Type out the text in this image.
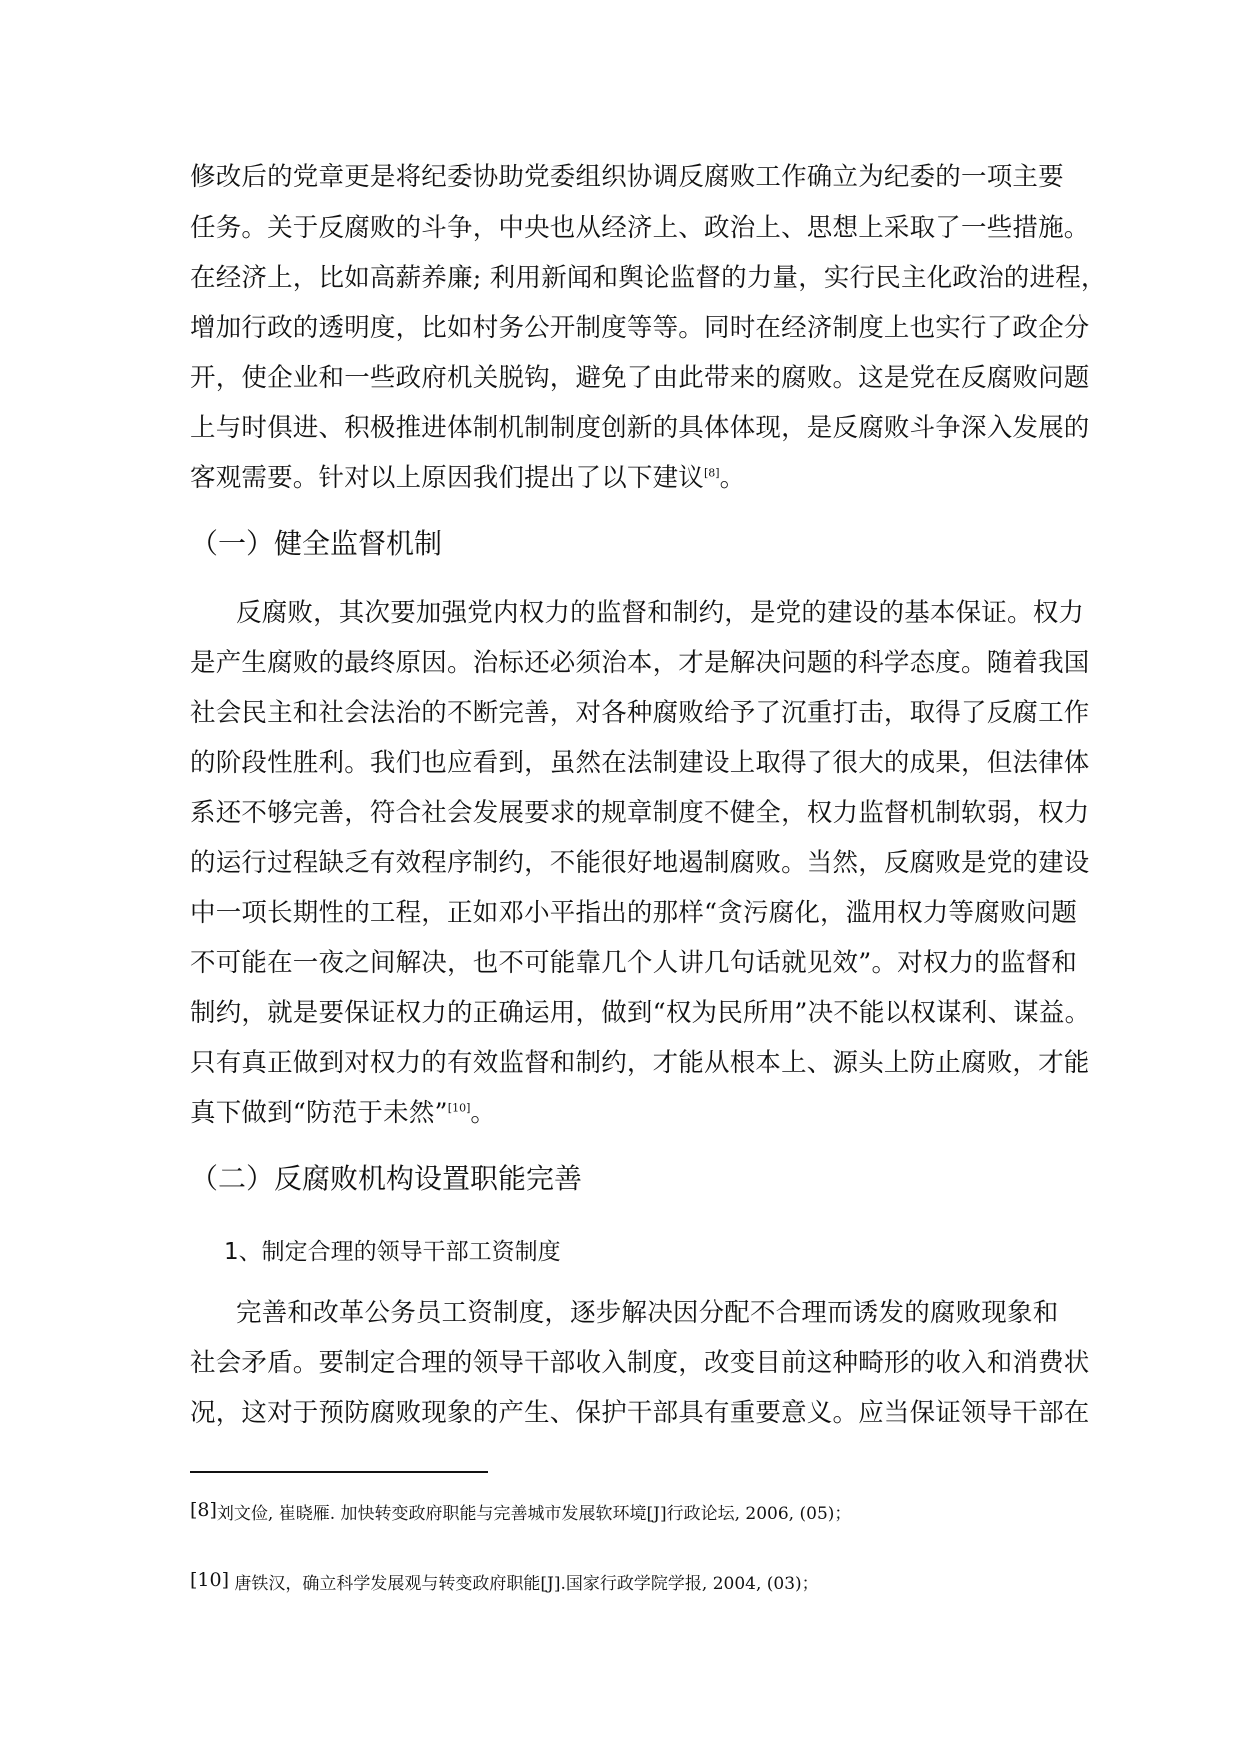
修改后的党章更是将纪委协助党委组织协调反腐败工作确立为纪委的一项主要
任务。关于反腐败的斗争，中央也从经济上、政治上、思想上采取了一些措施。
在经济上，比如高薪养廉; 利用新闻和舆论监督的力量，实行民主化政治的进程，
增加行政的透明度，比如村务公开制度等等。同时在经济制度上也实行了政企分
开，使企业和一些政府机关脱钩，避免了由此带来的腐败。这是党在反腐败问题
上与时俱进、积极推进体制机制制度创新的具体体现，是反腐败斗争深入发展的
客观需要。针对以上原因我们提出了以下建议[8]。
（一）健全监督机制
反腐败，其次要加强党内权力的监督和制约，是党的建设的基本保证。权力
是产生腐败的最终原因。治标还必须治本，才是解决问题的科学态度。随着我国
社会民主和社会法治的不断完善，对各种腐败给予了沉重打击，取得了反腐工作
的阶段性胜利。我们也应看到，虽然在法制建设上取得了很大的成果，但法律体
系还不够完善，符合社会发展要求的规章制度不健全，权力监督机制软弱，权力
的运行过程缺乏有效程序制约，不能很好地遏制腐败。当然，反腐败是党的建设
中一项长期性的工程，正如邓小平指出的那样“贪污腐化，滥用权力等腐败问题
不可能在一夜之间解决，也不可能靠几个人讲几句话就见效”。对权力的监督和
制约，就是要保证权力的正确运用，做到“权为民所用”决不能以权谋利、谋益。
只有真正做到对权力的有效监督和制约，才能从根本上、源头上防止腐败，才能
真下做到“防范于未然”[10]。
（二）反腐败机构设置职能完善
1、制定合理的领导干部工资制度
完善和改革公务员工资制度，逐步解决因分配不合理而诱发的腐败现象和
社会矛盾。要制定合理的领导干部收入制度，改变目前这种畸形的收入和消费状
况，这对于预防腐败现象的产生、保护干部具有重要意义。应当保证领导干部在
[8]刘文俭, 崔晓雁. 加快转变政府职能与完善城市发展软环境[J]行政论坛, 2006, (05)；
[10] 唐铁汉，确立科学发展观与转变政府职能[J].国家行政学院学报, 2004, (03)；
